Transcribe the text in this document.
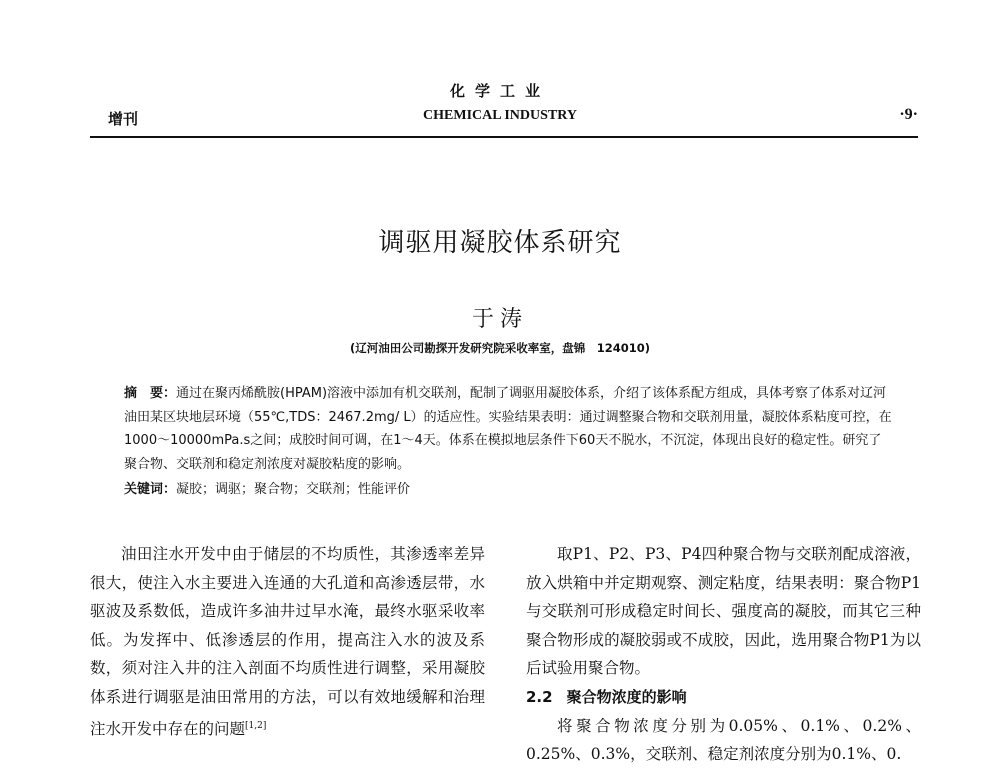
增刊
化学工业
CHEMICAL INDUSTRY	·9·
调驱用凝胶体系研究
于涛
(辽河油田公司勘探开发研究院采收率室，盘锦　124010)
摘　要：通过在聚丙烯酰胺(HPAM)溶液中添加有机交联剂，配制了调驱用凝胶体系，介绍了该体系配方组成，具体考察了体系对辽河油田某区块地层环境（55℃,TDS：2467.2mg/ L）的适应性。实验结果表明：通过调整聚合物和交联剂用量，凝胶体系粘度可控，在1000～10000mPa.s之间；成胶时间可调，在1～4天。体系在模拟地层条件下60天不脱水，不沉淀，体现出良好的稳定性。研究了聚合物、交联剂和稳定剂浓度对凝胶粘度的影响。
关键词：凝胶；调驱；聚合物；交联剂；性能评价

油田注水开发中由于储层的不均质性，其渗透率差异很大，使注入水主要进入连通的大孔道和高渗透层带，水驱波及系数低，造成许多油井过早水淹，最终水驱采收率低。为发挥中、低渗透层的作用，提高注入水的波及系数，须对注入井的注入剖面不均质性进行调整，采用凝胶体系进行调驱是油田常用的方法，可以有效地缓解和治理注水开发中存在的问题[1,2]

取P1、P2、P3、P4四种聚合物与交联剂配成溶液，放入烘箱中并定期观察、测定粘度，结果表明：聚合物P1与交联剂可形成稳定时间长、强度高的凝胶，而其它三种聚合物形成的凝胶弱或不成胶，因此，选用聚合物P1为以后试验用聚合物。

2.2 聚合物浓度的影响

将聚合物浓度分别为0.05%、0.1%、0.2%、0.25%、0.3%，交联剂、稳定剂浓度分别为0.1%、0.
